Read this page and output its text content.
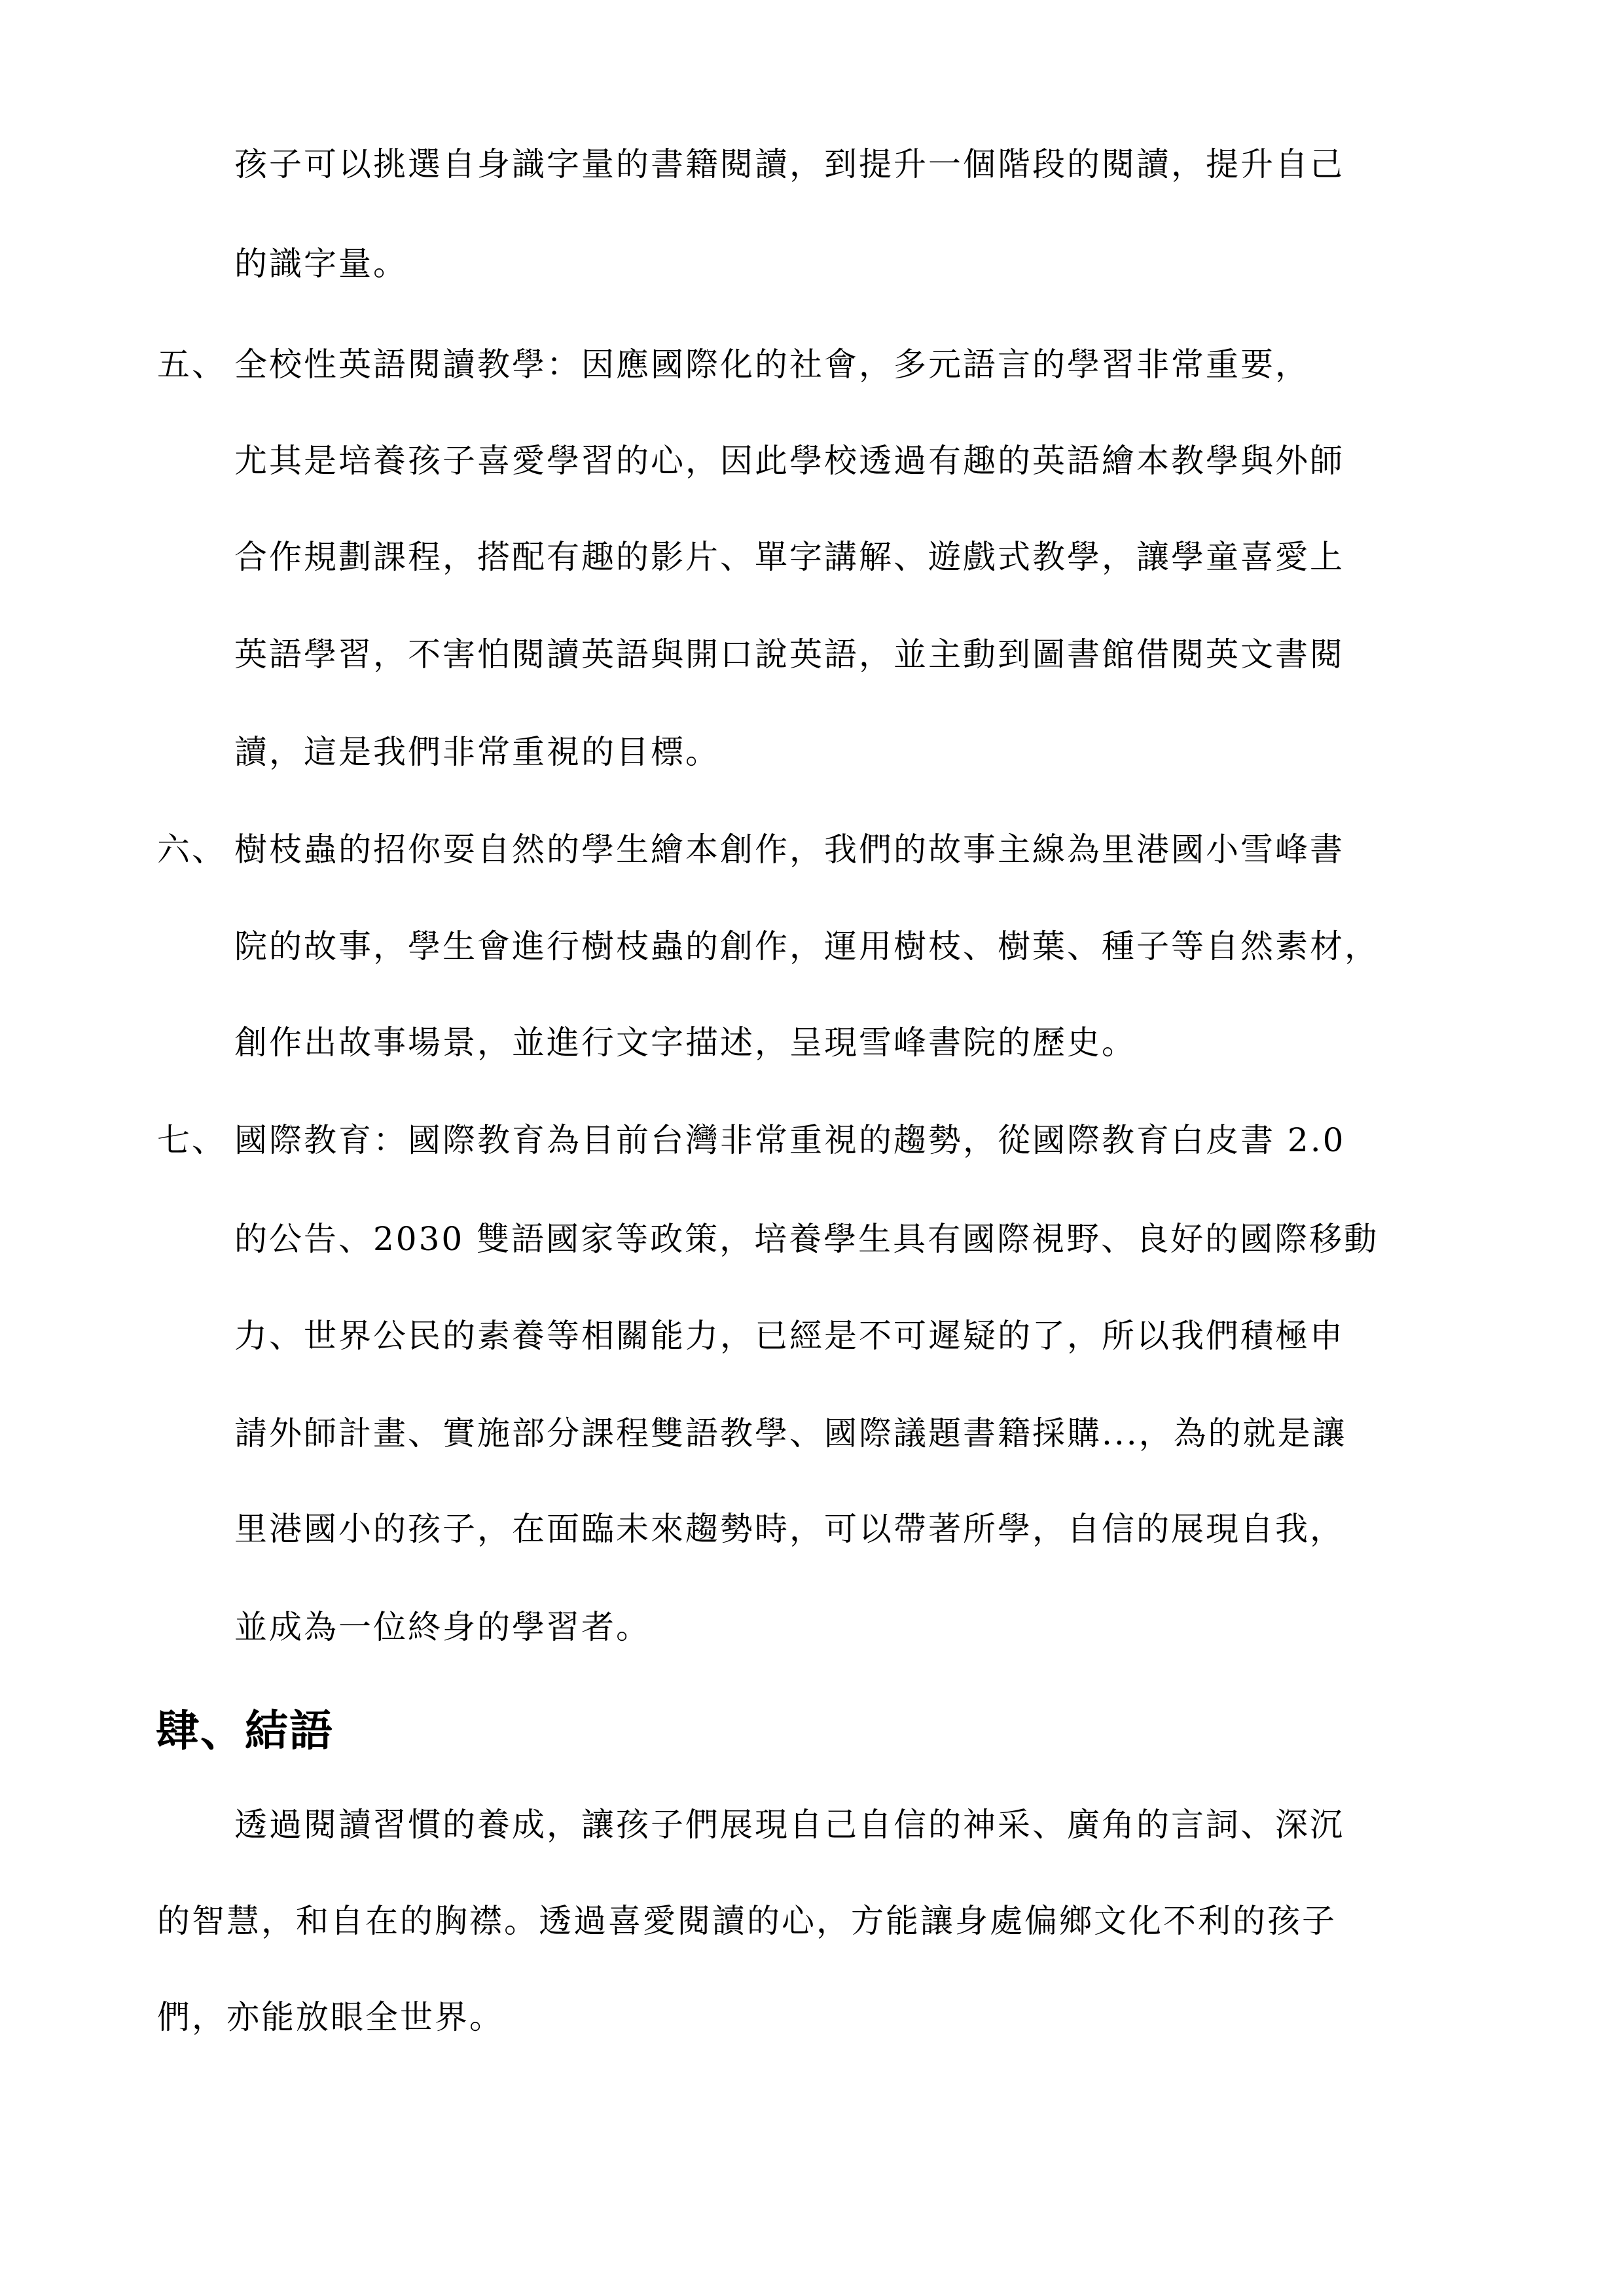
孩子可以挑選自身識字量的書籍閱讀，到提升一個階段的閱讀，提升自己
的識字量。
五、 全校性英語閱讀教學：因應國際化的社會，多元語言的學習非常重要，
尤其是培養孩子喜愛學習的心，因此學校透過有趣的英語繪本教學與外師
合作規劃課程，搭配有趣的影片、單字講解、遊戲式教學，讓學童喜愛上
英語學習，不害怕閱讀英語與開口說英語，並主動到圖書館借閱英文書閱
讀，這是我們非常重視的目標。
六、 樹枝蟲的招你耍自然的學生繪本創作，我們的故事主線為里港國小雪峰書
院的故事，學生會進行樹枝蟲的創作，運用樹枝、樹葉、種子等自然素材，
創作出故事場景，並進行文字描述，呈現雪峰書院的歷史。
七、 國際教育：國際教育為目前台灣非常重視的趨勢，從國際教育白皮書 2.0
的公告、2030 雙語國家等政策，培養學生具有國際視野、良好的國際移動
力、世界公民的素養等相關能力，已經是不可遲疑的了，所以我們積極申
請外師計畫、實施部分課程雙語教學、國際議題書籍採購...，為的就是讓
里港國小的孩子，在面臨未來趨勢時，可以帶著所學，自信的展現自我，
並成為一位終身的學習者。
肆、結語
透過閱讀習慣的養成，讓孩子們展現自己自信的神采、廣角的言詞、深沉
的智慧，和自在的胸襟。透過喜愛閱讀的心，方能讓身處偏鄉文化不利的孩子
們，亦能放眼全世界。
